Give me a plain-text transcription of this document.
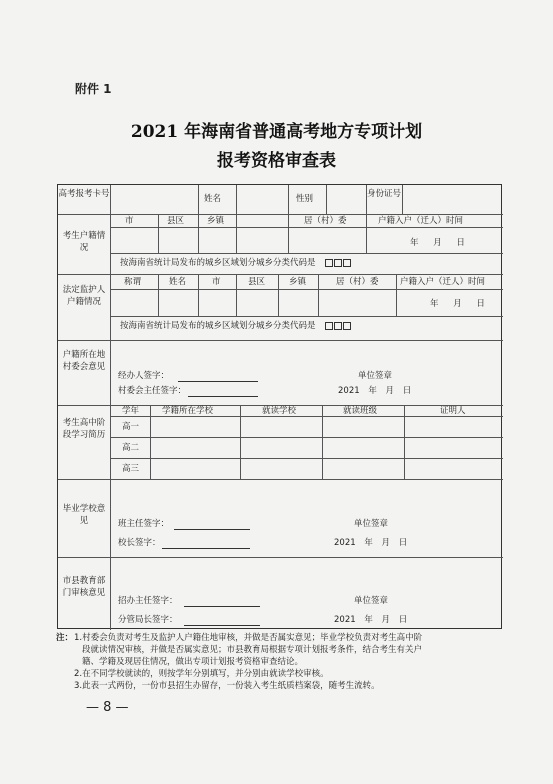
附件 1
2021 年海南省普通高考地方专项计划
报考资格审查表
高考报考卡号	姓名	性别	身份证号
考生户籍情况
市	县区	乡镇	居（村）委	户籍入户（迁人）时间
年 月 日
按海南省统计局发布的城乡区域划分城乡分类代码是
法定监护人户籍情况
称谓	姓名	市	县区	乡镇	居（村）委	户籍入户（迁人）时间
年 月 日
按海南省统计局发布的城乡区域划分城乡分类代码是
户籍所在地村委会意见
经办人签字：
村委会主任签字：
单位签章
2021 年 月 日
考生高中阶段学习简历
学年	学籍所在学校	就读学校	就读班级	证明人
高一
高二
高三
毕业学校意见	班主任签字：
校长签字：
单位签章
2021 年 月 日
市县教育部门审核意见
招办主任签字：
分管局长签字：
单位签章
2021 年 月 日

注：1.村委会负责对考生及监护人户籍住地审核，并做是否属实意见；毕业学校负责对考生高中阶

段就读情况审核，并做是否属实意见；市县教育局根据专项计划报考条件，结合考生有关户

籍、学籍及现居住情况，做出专项计划报考资格审查结论。

2.在不同学校就读的，则按学年分别填写，并分别由就读学校审核。

3.此表一式两份，一份市县招生办留存，一份装入考生纸质档案袋，随考生流转。

— 8 —
